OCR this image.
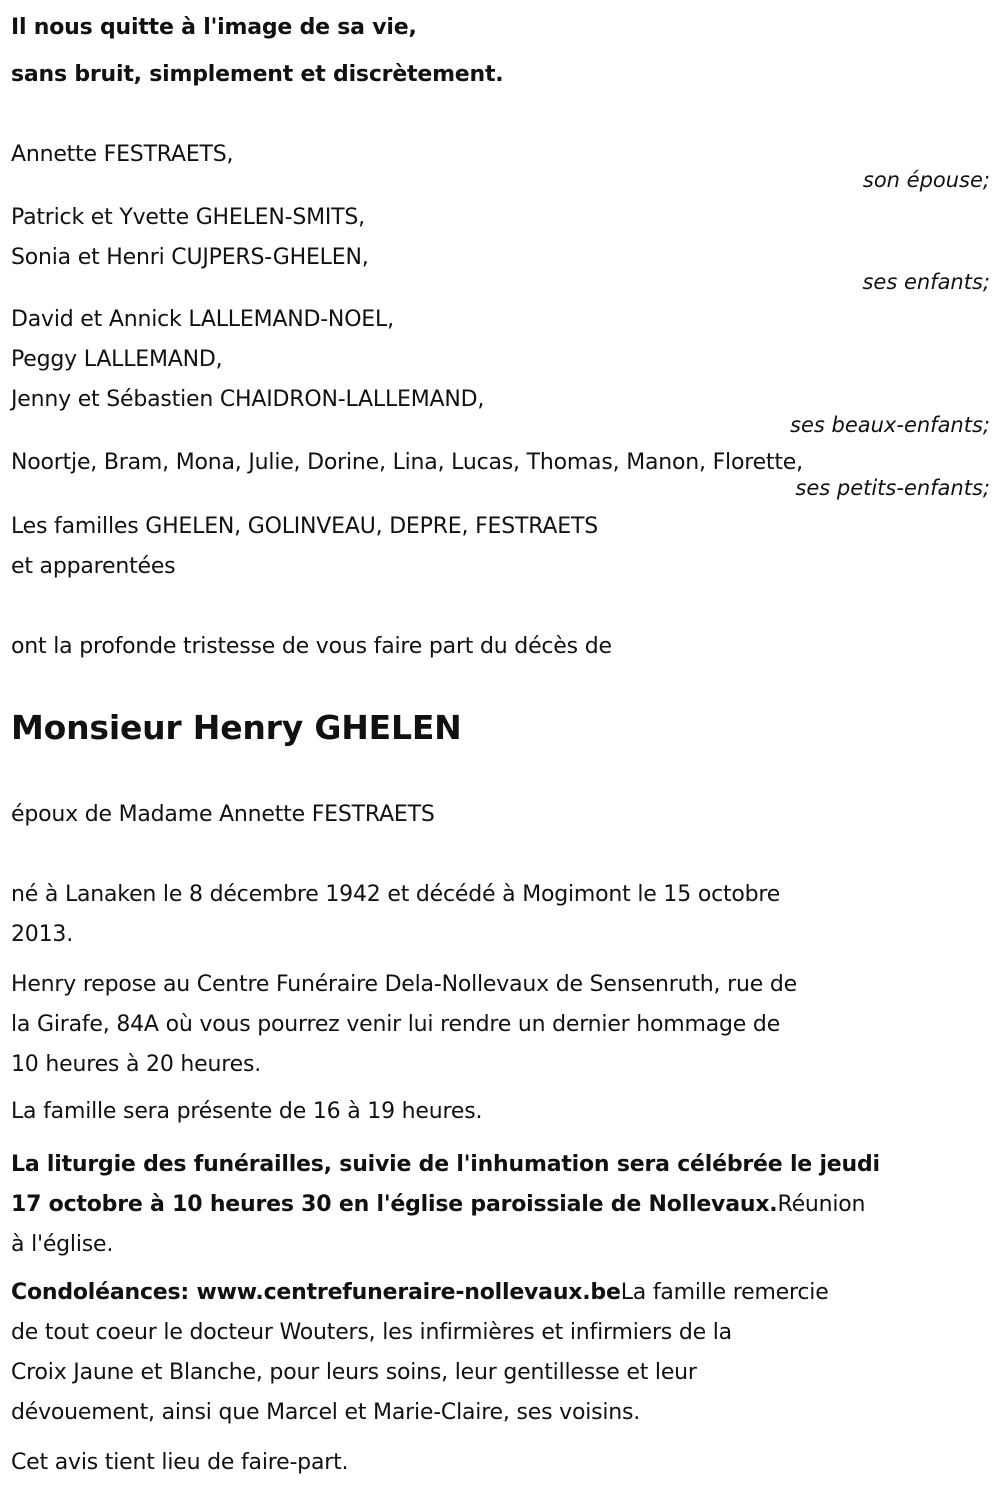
Il nous quitte à l'image de sa vie,
sans bruit, simplement et discrètement.
Annette FESTRAETS,
son épouse;
Patrick et Yvette GHELEN-SMITS,
Sonia et Henri CUJPERS-GHELEN,
ses enfants;
David et Annick LALLEMAND-NOEL,
Peggy LALLEMAND,
Jenny et Sébastien CHAIDRON-LALLEMAND,
ses beaux-enfants;
Noortje, Bram, Mona, Julie, Dorine, Lina, Lucas, Thomas, Manon, Florette,
ses petits-enfants;
Les familles GHELEN, GOLINVEAU, DEPRE, FESTRAETS
et apparentées
ont la profonde tristesse de vous faire part du décès de
Monsieur Henry GHELEN
époux de Madame Annette FESTRAETS
né à Lanaken le 8 décembre 1942 et décédé à Mogimont le 15 octobre
2013.
Henry repose au Centre Funéraire Dela-Nollevaux de Sensenruth, rue de
la Girafe, 84A où vous pourrez venir lui rendre un dernier hommage de
10 heures à 20 heures.
La famille sera présente de 16 à 19 heures.
La liturgie des funérailles, suivie de l'inhumation sera célébrée le jeudi
17 octobre à 10 heures 30 en l'église paroissiale de Nollevaux.Réunion
à l'église.
Condoléances: www.centrefuneraire-nollevaux.beLa famille remercie
de tout coeur le docteur Wouters, les infirmières et infirmiers de la
Croix Jaune et Blanche, pour leurs soins, leur gentillesse et leur
dévouement, ainsi que Marcel et Marie-Claire, ses voisins.
Cet avis tient lieu de faire-part.
